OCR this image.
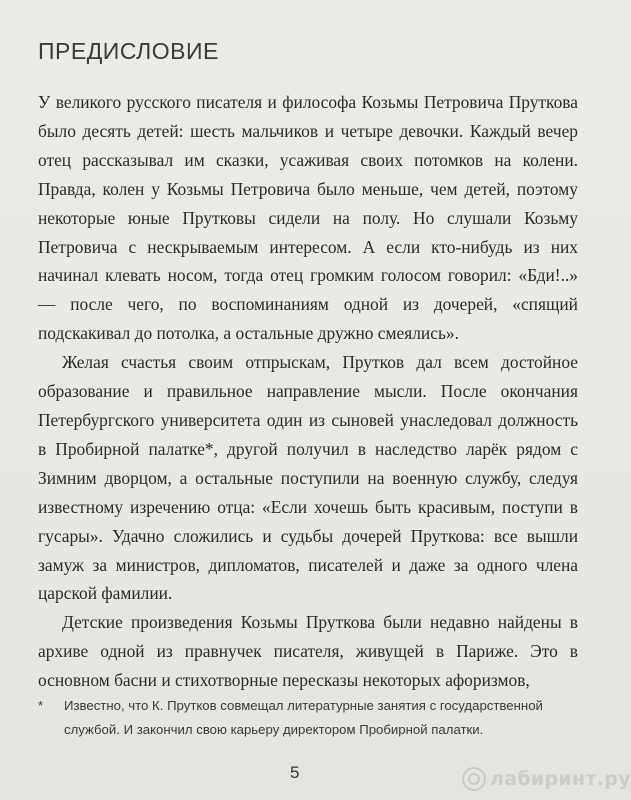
ПРЕДИСЛОВИЕ

У великого русского писателя и философа Козьмы Петровича Пруткова было десять детей: шесть мальчиков и четыре девочки. Каждый вечер отец рассказывал им сказки, усаживая своих потомков на колени. Правда, колен у Козьмы Петровича было меньше, чем детей, поэтому некоторые юные Прутковы сидели на полу. Но слушали Козьму Петровича с нескрываемым интересом. А если кто-нибудь из них начинал клевать носом, тогда отец громким голосом говорил: «Бди!..» — после чего, по воспоминаниям одной из дочерей, «спящий подскакивал до потолка, а остальные дружно смеялись».

Желая счастья своим отпрыскам, Прутков дал всем достойное образование и правильное направление мысли. После окончания Петербургского университета один из сыновей унаследовал должность в Пробирной палатке*, другой получил в наследство ларёк рядом с Зимним дворцом, а остальные поступили на военную службу, следуя известному изречению отца: «Если хочешь быть красивым, поступи в гусары». Удачно сложились и судьбы дочерей Пруткова: все вышли замуж за министров, дипломатов, писателей и даже за одного члена царской фамилии.

Детские произведения Козьмы Пруткова были недавно найдены в архиве одной из правнучек писателя, живущей в Париже. Это в основном басни и стихотворные пересказы некоторых афоризмов,

* Известно, что К. Прутков совмещал литературные занятия с государственной
службой. И закончил свою карьеру директором Пробирной палатки.
5	лабиринт.ру
